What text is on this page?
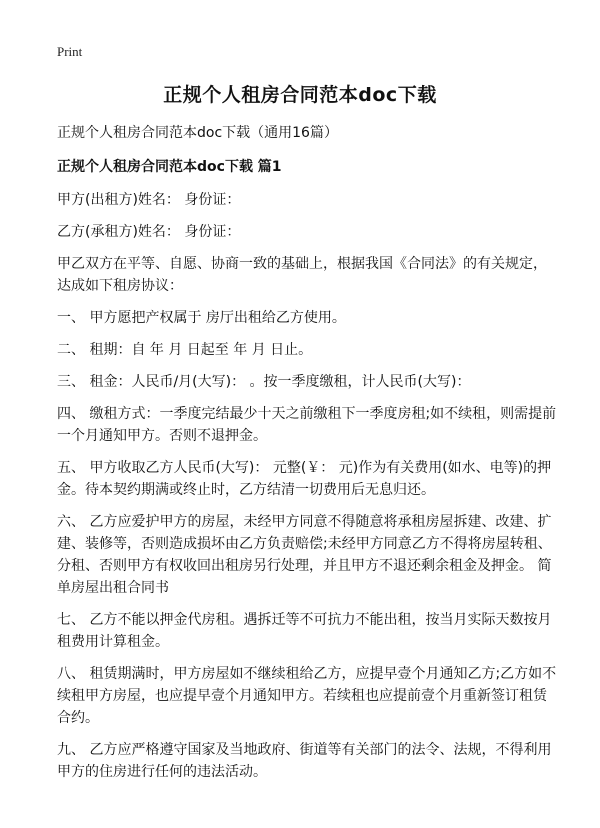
Print
正规个人租房合同范本doc下载

正规个人租房合同范本doc下载（通用16篇）

正规个人租房合同范本doc下载 篇1

甲方(出租方)姓名： 身份证：

乙方(承租方)姓名： 身份证：

甲乙双方在平等、自愿、协商一致的基础上，根据我国《合同法》的有关规定，达成如下租房协议：

一、 甲方愿把产权属于 房厅出租给乙方使用。

二、 租期：自 年 月 日起至 年 月 日止。

三、 租金：人民币/月(大写)： 。按一季度缴租，计人民币(大写)：

四、 缴租方式：一季度完结最少十天之前缴租下一季度房租;如不续租，则需提前一个月通知甲方。否则不退押金。

五、 甲方收取乙方人民币(大写)： 元整(￥： 元)作为有关费用(如水、电等)的押金。待本契约期满或终止时，乙方结清一切费用后无息归还。

六、 乙方应爱护甲方的房屋，未经甲方同意不得随意将承租房屋拆建、改建、扩建、装修等，否则造成损坏由乙方负责赔偿;未经甲方同意乙方不得将房屋转租、分租、否则甲方有权收回出租房另行处理，并且甲方不退还剩余租金及押金。 简单房屋出租合同书

七、 乙方不能以押金代房租。遇拆迁等不可抗力不能出租，按当月实际天数按月租费用计算租金。

八、 租赁期满时，甲方房屋如不继续租给乙方，应提早壹个月通知乙方;乙方如不续租甲方房屋，也应提早壹个月通知甲方。若续租也应提前壹个月重新签订租赁合约。

九、 乙方应严格遵守国家及当地政府、街道等有关部门的法令、法规，不得利用甲方的住房进行任何的违法活动。
